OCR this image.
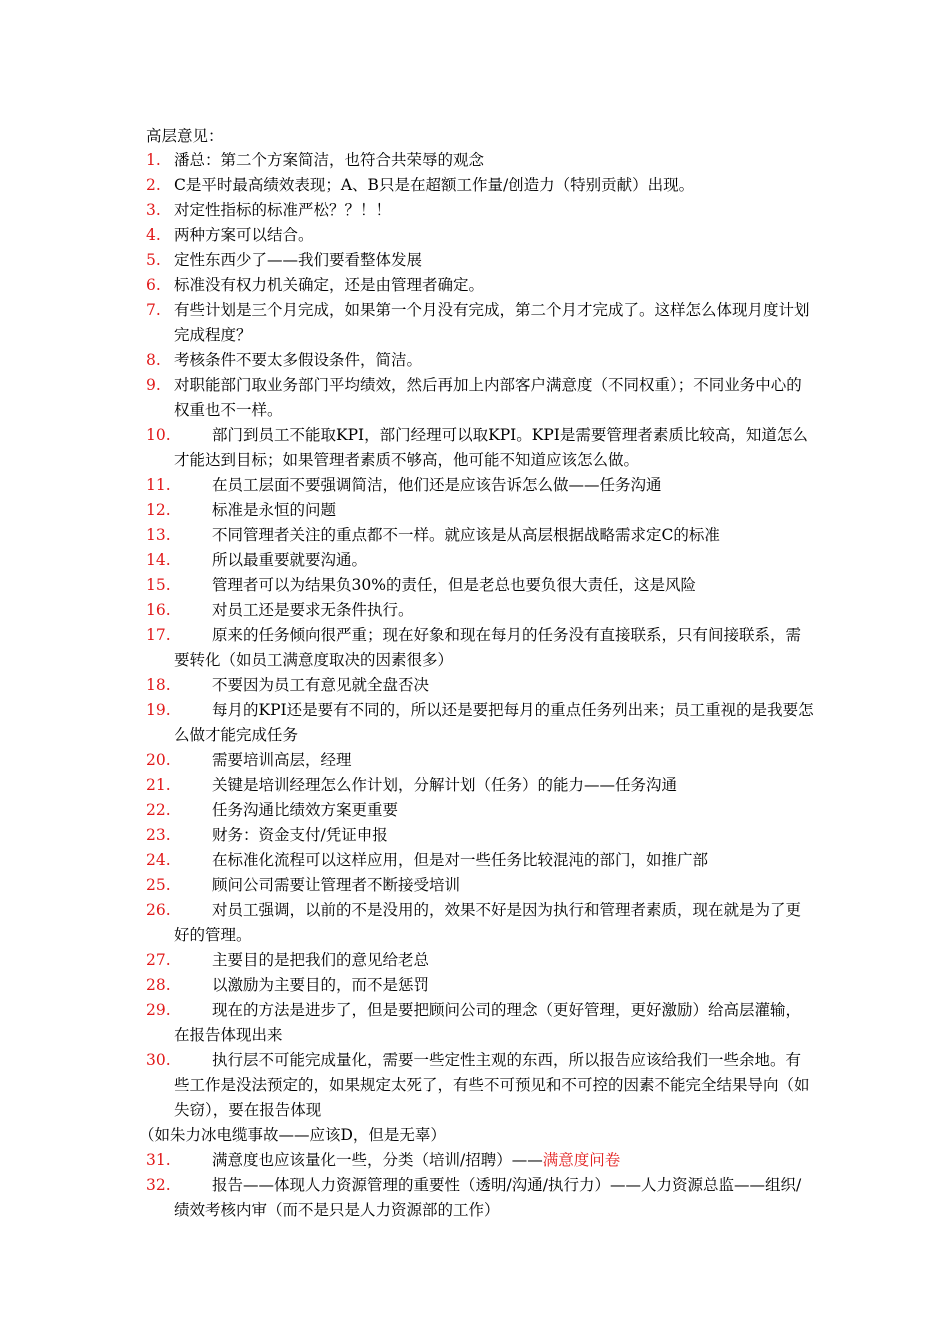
高层意见：
1. 潘总：第二个方案简洁，也符合共荣辱的观念
2. C是平时最高绩效表现；A、B只是在超额工作量/创造力（特别贡献）出现。
3. 对定性指标的标准严松？？！！
4. 两种方案可以结合。
5. 定性东西少了——我们要看整体发展
6. 标准没有权力机关确定，还是由管理者确定。
7. 有些计划是三个月完成，如果第一个月没有完成，第二个月才完成了。这样怎么体现月度计划完成程度？
8. 考核条件不要太多假设条件，简洁。
9. 对职能部门取业务部门平均绩效，然后再加上内部客户满意度（不同权重）；不同业务中心的权重也不一样。
10.	部门到员工不能取KPI，部门经理可以取KPI。KPI是需要管理者素质比较高，知道怎么才能达到目标；如果管理者素质不够高，他可能不知道应该怎么做。
11.	在员工层面不要强调简洁，他们还是应该告诉怎么做——任务沟通
12.	标准是永恒的问题
13.	不同管理者关注的重点都不一样。就应该是从高层根据战略需求定C的标准
14.	所以最重要就要沟通。
15.	管理者可以为结果负30%的责任，但是老总也要负很大责任，这是风险
16.	对员工还是要求无条件执行。
17.	原来的任务倾向很严重；现在好象和现在每月的任务没有直接联系，只有间接联系，需要转化（如员工满意度取决的因素很多）
18.	不要因为员工有意见就全盘否决
19.	每月的KPI还是要有不同的，所以还是要把每月的重点任务列出来；员工重视的是我要怎么做才能完成任务
20.	需要培训高层，经理
21.	关键是培训经理怎么作计划，分解计划（任务）的能力——任务沟通
22.	任务沟通比绩效方案更重要
23.	财务：资金支付/凭证申报
24.	在标准化流程可以这样应用，但是对一些任务比较混沌的部门，如推广部
25.	顾问公司需要让管理者不断接受培训
26.	对员工强调，以前的不是没用的，效果不好是因为执行和管理者素质，现在就是为了更好的管理。
27.	主要目的是把我们的意见给老总
28.	以激励为主要目的，而不是惩罚
29.	现在的方法是进步了，但是要把顾问公司的理念（更好管理，更好激励）给高层灌输，在报告体现出来
30.	执行层不可能完成量化，需要一些定性主观的东西，所以报告应该给我们一些余地。有些工作是没法预定的，如果规定太死了，有些不可预见和不可控的因素不能完全结果导向（如失窃），要在报告体现
（如朱力冰电缆事故——应该D，但是无辜）
31.	满意度也应该量化一些，分类（培训/招聘）——满意度问卷
32.	报告——体现人力资源管理的重要性（透明/沟通/执行力）——人力资源总监——组织/绩效考核内审（而不是只是人力资源部的工作）
